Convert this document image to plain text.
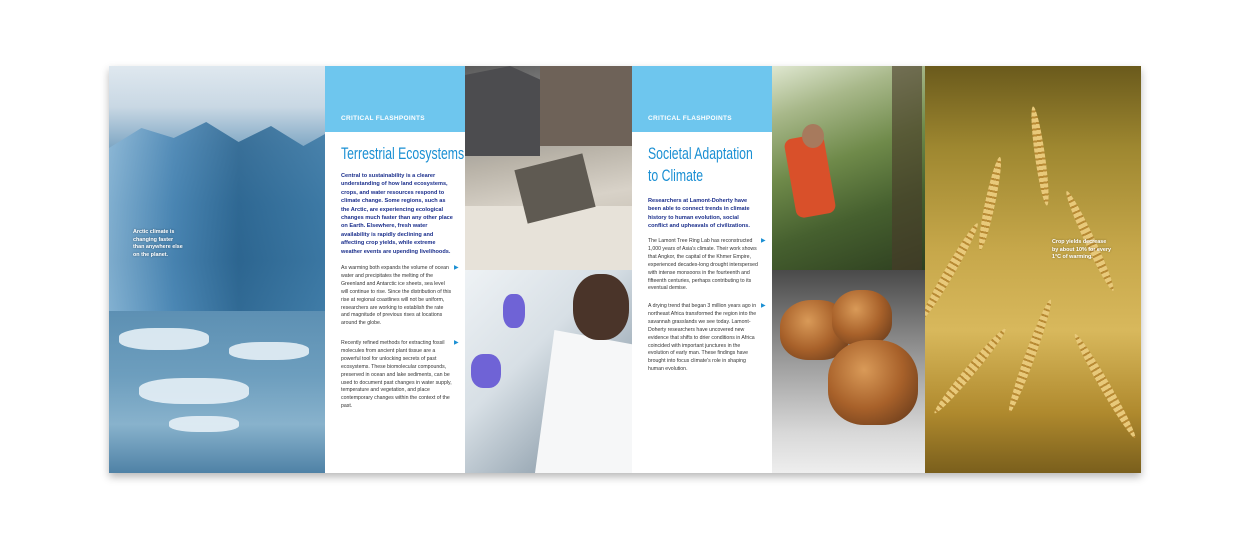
Arctic climate is changing faster than anywhere else on the planet.
CRITICAL FLASHPOINTS
Terrestrial Ecosystems
Central to sustainability is a clearer understanding of how land ecosystems, crops, and water resources respond to climate change. Some regions, such as the Arctic, are experiencing ecological changes much faster than any other place on Earth. Elsewhere, fresh water availability is rapidly declining and affecting crop yields, while extreme weather events are upending livelihoods.
As warming both expands the volume of ocean water and precipitates the melting of the Greenland and Antarctic ice sheets, sea level will continue to rise. Since the distribution of this rise at regional coastlines will not be uniform, researchers are working to establish the rate and magnitude of previous rises at locations around the globe.
▶
Recently refined methods for extracting fossil molecules from ancient plant tissue are a powerful tool for unlocking secrets of past ecosystems. These biomolecular compounds, preserved in ocean and lake sediments, can be used to document past changes in water supply, temperature and vegetation, and place contemporary changes within the context of the past.
▶
CRITICAL FLASHPOINTS
Societal Adaptation
to Climate
Researchers at Lamont-Doherty have been able to connect trends in climate history to human evolution, social conflict and upheavals of civilizations.
The Lamont Tree Ring Lab has reconstructed 1,000 years of Asia's climate. Their work shows that Angkor, the capital of the Khmer Empire, experienced decades-long drought interspersed with intense monsoons in the fourteenth and fifteenth centuries, perhaps contributing to its eventual demise.
▶
A drying trend that began 3 million years ago in northeast Africa transformed the region into the savannah grasslands we see today. Lamont-Doherty researchers have uncovered new evidence that shifts to drier conditions in Africa coincided with important junctures in the evolution of early man. These findings have brought into focus climate's role in shaping human evolution.
▶
Crop yields decrease by about 10% for every 1°C of warming.
